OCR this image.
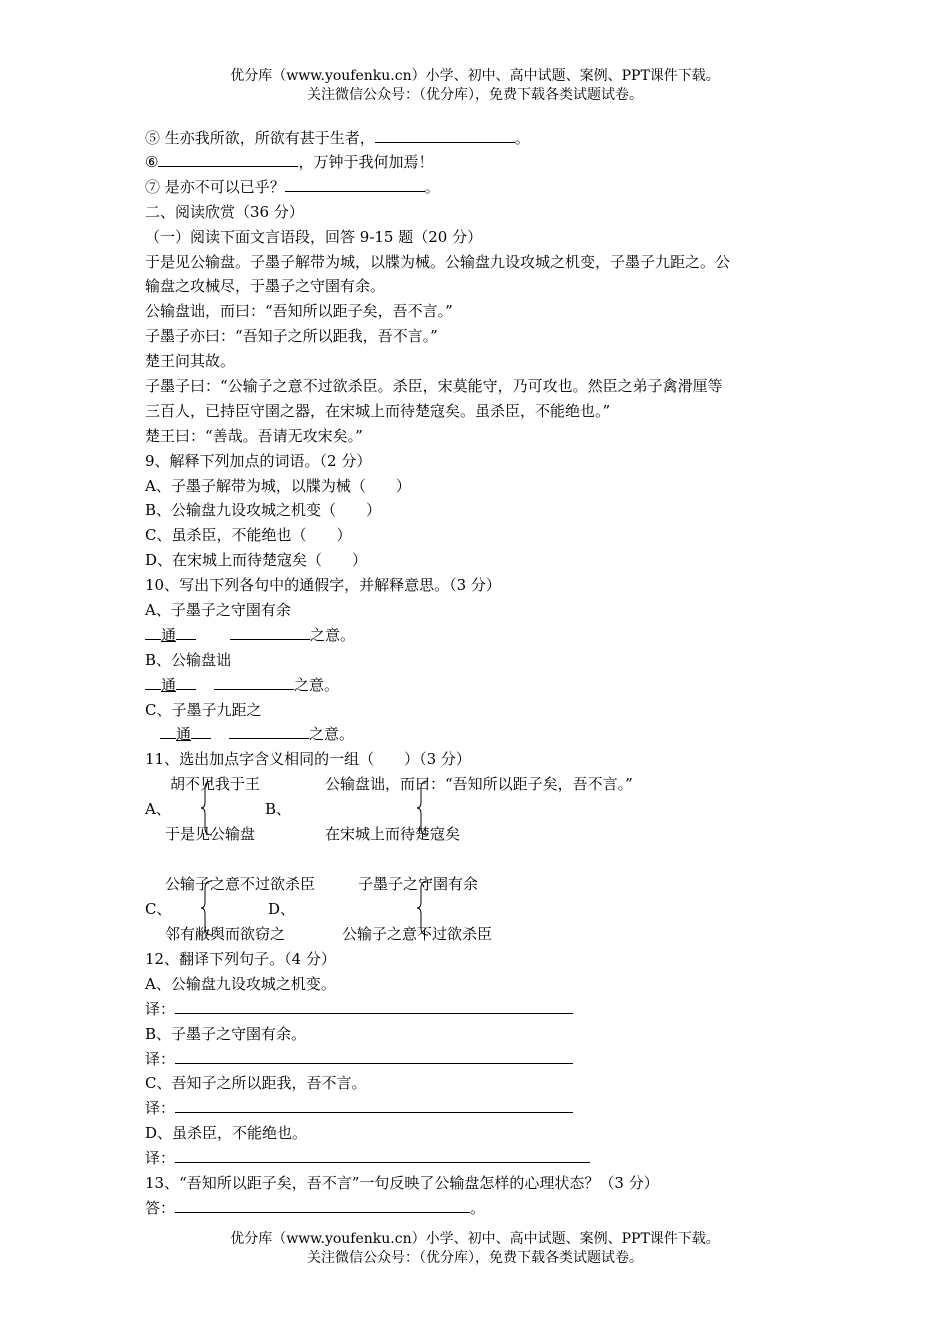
优分库（www.youfenku.cn）小学、初中、高中试题、案例、PPT课件下载。
关注微信公众号：（优分库），免费下载各类试题试卷。
⑤ 生亦我所欲，所欲有甚于生者，	。
⑥	，万钟于我何加焉！
⑦ 是亦不可以已乎？	。
二、阅读欣赏（36 分）
（一）阅读下面文言语段，回答 9-15 题（20 分）
于是见公输盘。子墨子解带为城，以牒为械。公输盘九设攻城之机变，子墨子九距之。公
输盘之攻械尽，于墨子之守圉有余。
公输盘诎，而曰：“吾知所以距子矣，吾不言。”
子墨子亦曰：“吾知子之所以距我，吾不言。”
楚王问其故。
子墨子曰：“公输子之意不过欲杀臣。杀臣，宋莫能守，乃可攻也。然臣之弟子禽滑厘等
三百人，已持臣守圉之器，在宋城上而待楚寇矣。虽杀臣，不能绝也。”
楚王曰：“善哉。吾请无攻宋矣。”
9、解释下列加点的词语。（2 分）
A、子墨子解带为城，以牒为械（　　）
B、公输盘九设攻城之机变（　　）
C、虽杀臣，不能绝也（　　）
D、在宋城上而待楚寇矣（　　）
10、写出下列各句中的通假字，并解释意思。（3 分）
A、子墨子之守圉有余
通	之意。
B、公输盘诎
通	之意。
C、子墨子九距之
通	之意。
11、选出加点字含义相同的一组（　　）（3 分）
胡不见我于王
A、
于是见公输盘
公输盘诎，而曰：“吾知所以距子矣，吾不言。”
B、
在宋城上而待楚寇矣
公输子之意不过欲杀臣
C、
邻有敝舆而欲窃之
子墨子之守圉有余
D、
公输子之意不过欲杀臣
12、翻译下列句子。（4 分）
A、公输盘九设攻城之机变。
译：
B、子墨子之守圉有余。
译：
C、吾知子之所以距我，吾不言。
译：
D、虽杀臣，不能绝也。
译：
13、“吾知所以距子矣，吾不言”一句反映了公输盘怎样的心理状态？（3 分）
答：	。
优分库（www.youfenku.cn）小学、初中、高中试题、案例、PPT课件下载。
关注微信公众号：（优分库），免费下载各类试题试卷。
